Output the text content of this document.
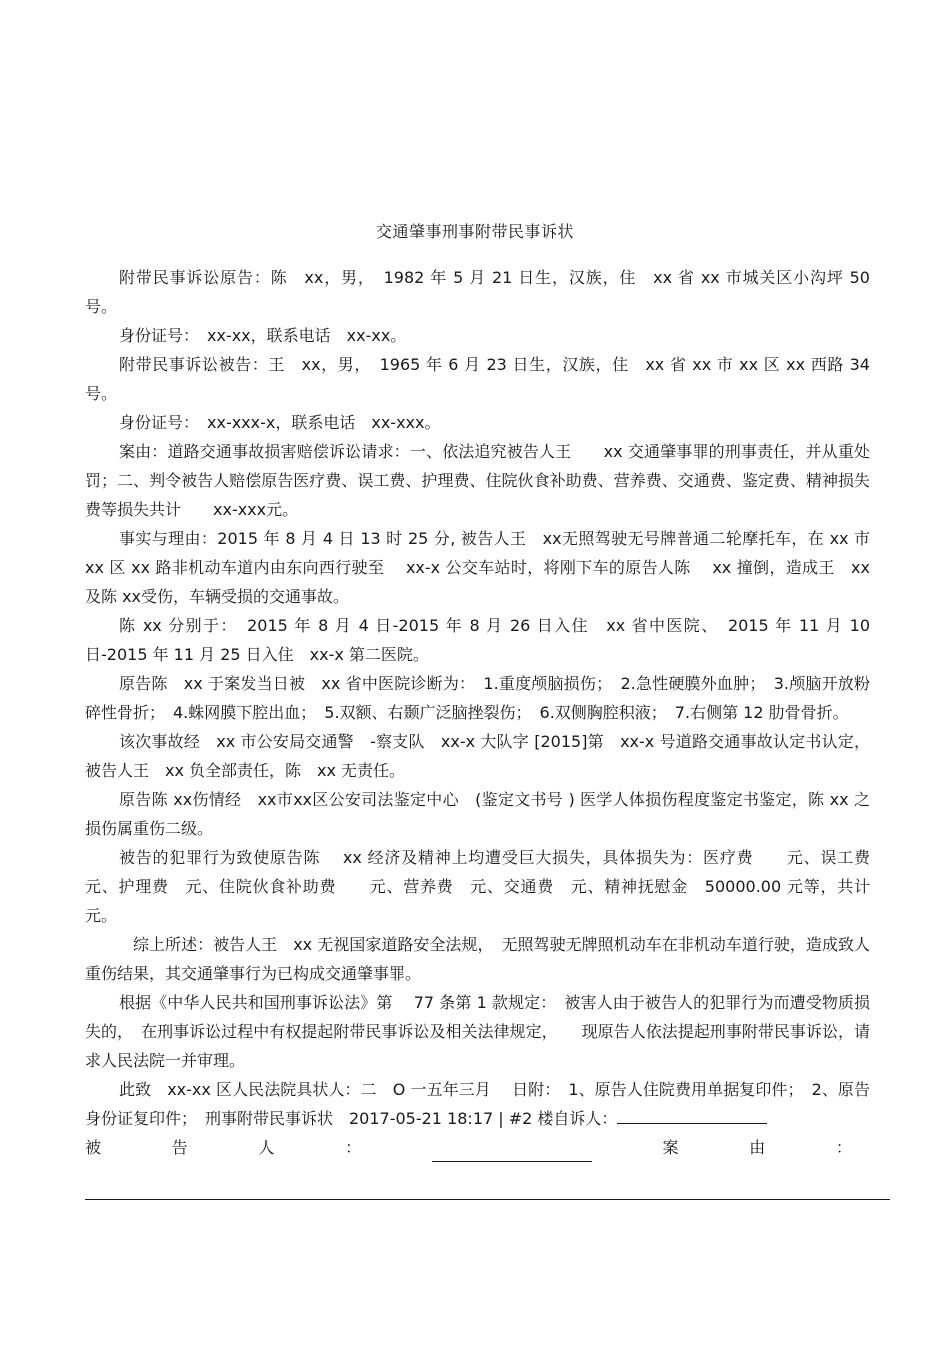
交通肇事刑事附带民事诉状

附带民事诉讼原告：陈　xx，男，　1982 年 5 月 21 日生，汉族，住　xx 省 xx 市城关区小沟坪 50 号。

身份证号：　xx-xx，联系电话　xx-xx。

附带民事诉讼被告：王　xx，男，　1965 年 6 月 23 日生，汉族，住　xx 省 xx 市 xx 区 xx 西路 34 号。

身份证号：　xx-xxx-x，联系电话　xx-xxx。

案由：道路交通事故损害赔偿诉讼请求：一、依法追究被告人王　　xx 交通肇事罪的刑事责任，并从重处罚；二、判令被告人赔偿原告医疗费、误工费、护理费、住院伙食补助费、营养费、交通费、鉴定费、精神损失费等损失共计　　xx-xxx元。

事实与理由：2015 年 8 月 4 日 13 时 25 分, 被告人王　xx无照驾驶无号牌普通二轮摩托车，在 xx 市 xx 区 xx 路非机动车道内由东向西行驶至　 xx-x 公交车站时，将刚下车的原告人陈　 xx 撞倒，造成王　xx 及陈 xx受伤，车辆受损的交通事故。

陈 xx 分别于：　2015 年 8 月 4 日-2015 年 8 月 26 日入住　xx 省中医院、　2015 年 11 月 10 日-2015 年 11 月 25 日入住　xx-x 第二医院。

原告陈　xx 于案发当日被　xx 省中医院诊断为：　1.重度颅脑损伤；　2.急性硬膜外血肿；　3.颅脑开放粉碎性骨折；　4.蛛网膜下腔出血；　5.双额、右颞广泛脑挫裂伤；　6.双侧胸腔积液；　7.右侧第 12 肋骨骨折。

该次事故经　xx 市公安局交通警　-察支队　xx-x 大队字 [2015]第　xx-x 号道路交通事故认定书认定，被告人王　xx 负全部责任，陈　xx 无责任。

原告陈 xx伤情经　xx市xx区公安司法鉴定中心　(鉴定文书号 ) 医学人体损伤程度鉴定书鉴定，陈 xx 之损伤属重伤二级。

被告的犯罪行为致使原告陈　 xx 经济及精神上均遭受巨大损失，具体损失为：医疗费　　元、误工费　元、护理费　元、住院伙食补助费　　元、营养费　元、交通费　元、精神抚慰金　50000.00 元等，共计　元。

综上所述：被告人王　xx 无视国家道路安全法规，　无照驾驶无牌照机动车在非机动车道行驶，造成致人重伤结果，其交通肇事行为已构成交通肇事罪。

根据《中华人民共和国刑事诉讼法》第　 77 条第 1 款规定：　被害人由于被告人的犯罪行为而遭受物质损失的，　在刑事诉讼过程中有权提起附带民事诉讼及相关法律规定，　　现原告人依法提起刑事附带民事诉讼，请求人民法院一并审理。

此致　xx-xx 区人民法院具状人：二　O 一五年三月　 日附：　1、原告人住院费用单据复印件；　2、原告身份证复印件；　刑事附带民事诉状　2017-05-21 18:17 | #2 楼自诉人：

被	告	人	：	案	由	：
